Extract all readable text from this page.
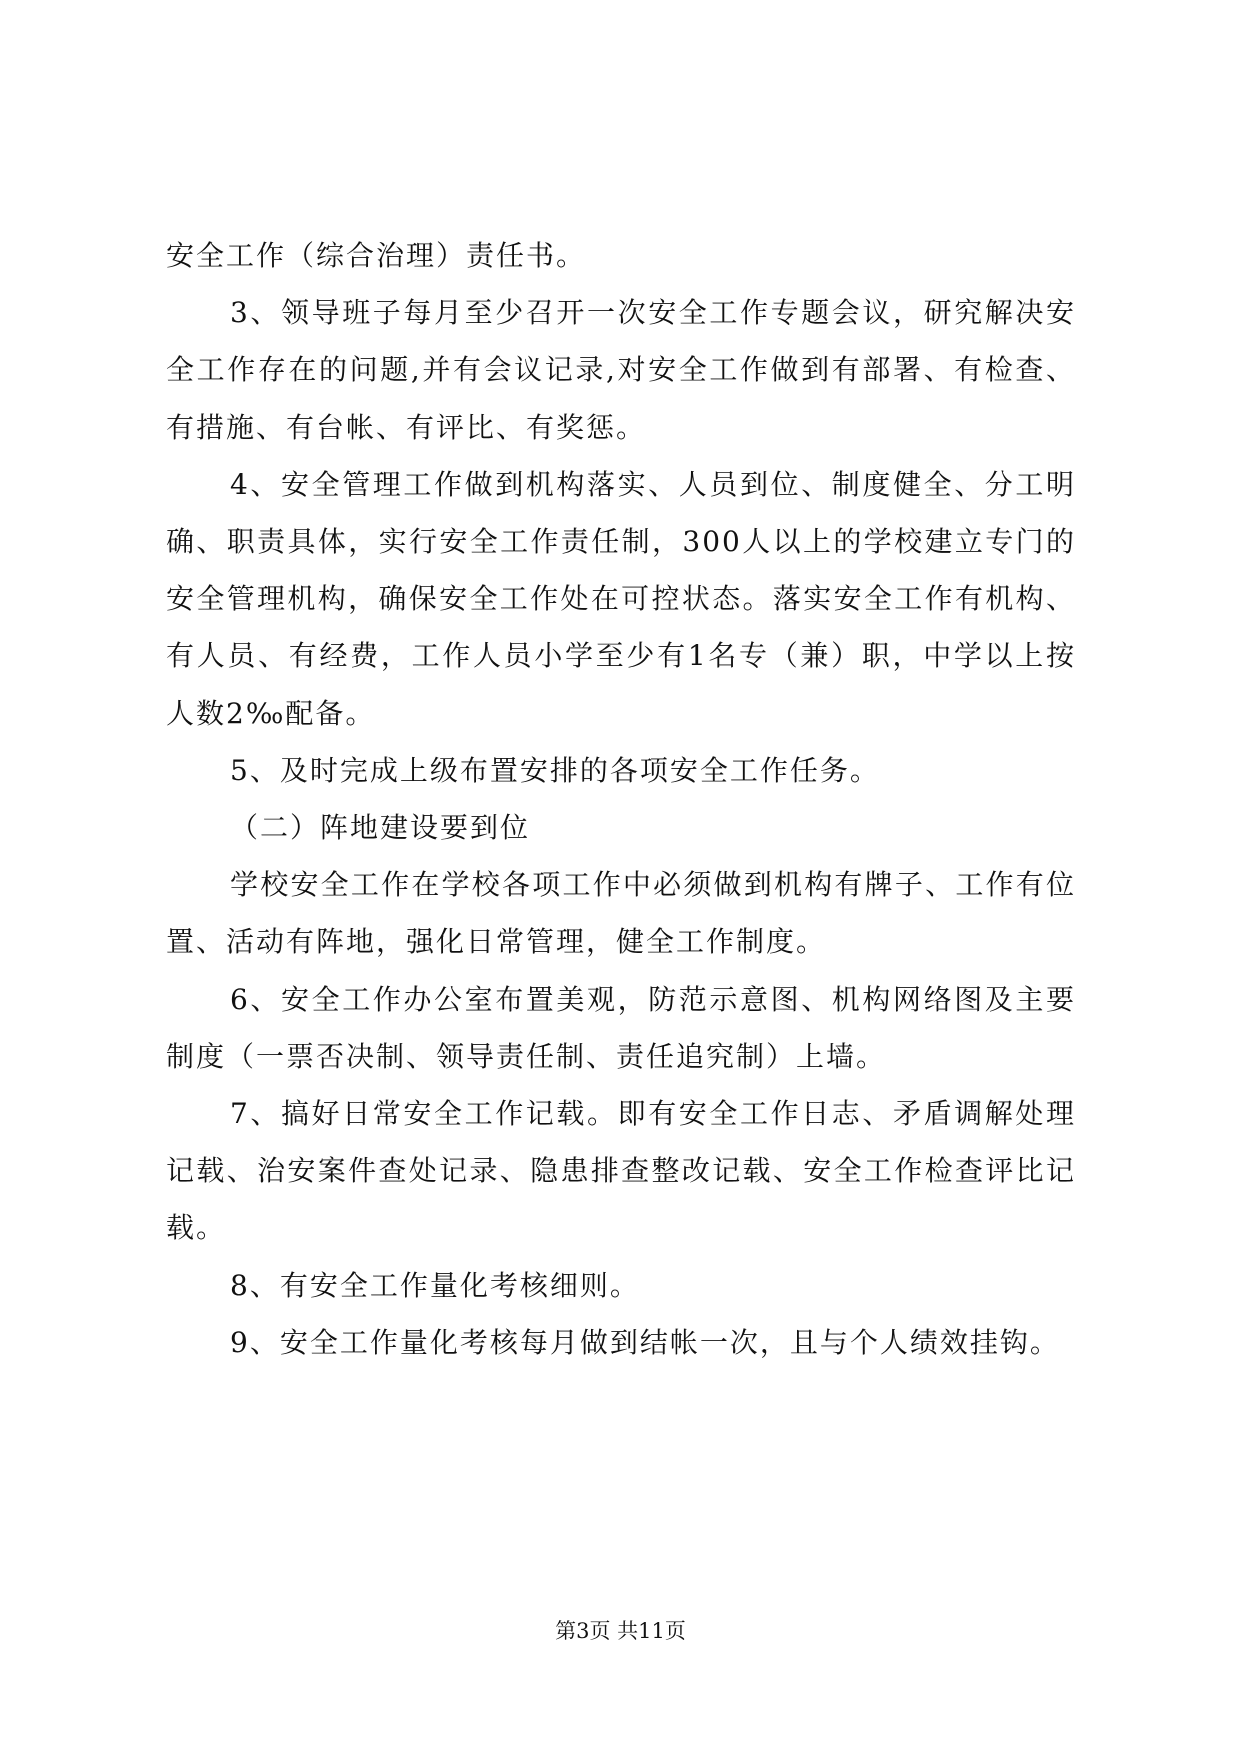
安全工作（综合治理）责任书。

3、领导班子每月至少召开一次安全工作专题会议，研究解决安全工作存在的问题,并有会议记录,对安全工作做到有部署、有检查、有措施、有台帐、有评比、有奖惩。

4、安全管理工作做到机构落实、人员到位、制度健全、分工明确、职责具体，实行安全工作责任制，300人以上的学校建立专门的安全管理机构，确保安全工作处在可控状态。落实安全工作有机构、有人员、有经费，工作人员小学至少有1名专（兼）职，中学以上按人数2‰配备。

5、及时完成上级布置安排的各项安全工作任务。

（二）阵地建设要到位

学校安全工作在学校各项工作中必须做到机构有牌子、工作有位置、活动有阵地，强化日常管理，健全工作制度。

6、安全工作办公室布置美观，防范示意图、机构网络图及主要制度（一票否决制、领导责任制、责任追究制）上墙。

7、搞好日常安全工作记载。即有安全工作日志、矛盾调解处理记载、治安案件查处记录、隐患排查整改记载、安全工作检查评比记载。

8、有安全工作量化考核细则。

9、安全工作量化考核每月做到结帐一次，且与个人绩效挂钩。

第3页 共11页
